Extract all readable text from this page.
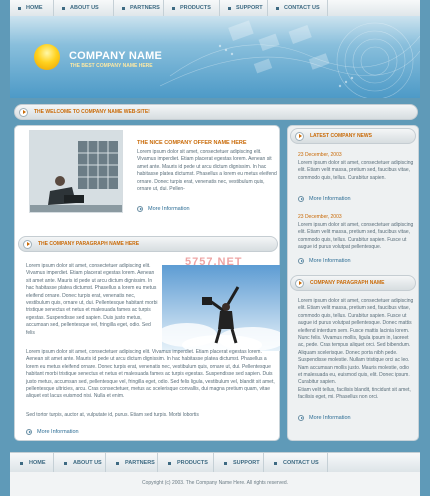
HOME	ABOUT US	PARTNERS	PRODUCTS	SUPPORT	CONTACT US
COMPANY NAME
THE BEST COMPANY NAME HERE
THE WELCOME TO COMPANY NAME WEB-SITE!
THE NICE COMPANY OFFER NAME HERE
Lorem ipsum dolor sit amet, consectetuer adipiscing elit. Vivamus imperdiet. Etiam placerat egestas lorem. Aenean sit amet ante. Mauris id pede ut arcu dictum dignissim. In hac habitasse platea dictumst. Phasellus a lorem eu metus eleifend ornare. Donec turpis erat, venenatis nec, vestibulum quis, ornare ut, dui. Pellen-
More Information
THE COMPANY PARAGRAPH NAME HERE
Lorem ipsum dolor sit amet, consectetuer adipiscing elit. Vivamus imperdiet. Etiam placerat egestas lorem. Aenean sit amet ante. Mauris id pede ut arcu dictum dignissim. In hac habitasse platea dictumst. Phasellus a lorem eu metus eleifend ornare. Donec turpis erat, venenatis nec, vestibulum quis, ornare ut, dui. Pellentesque habitant morbi tristique senectus et netus et malesuada fames ac turpis egestas. Suspendisse sed sapien. Duis justo metus, accumsan sed, pellentesque vel, fringilla eget, odio. Sed felis
Lorem ipsum dolor sit amet, consectetuer adipiscing elit. Vivamus imperdiet. Etiam placerat egestas lorem. Aenean sit amet ante. Mauris id pede ut arcu dictum dignissim. In hac habitasse platea dictumst. Phasellus a lorem eu metus eleifend ornare. Donec turpis erat, venenatis nec, vestibulum quis, ornare ut, dui. Pellentesque habitant morbi tristique senectus et netus et malesuada fames ac turpis egestas. Suspendisse sed sapien. Duis justo metus, accumsan sed, pellentesque vel, fringilla eget, odio. Sed felis ligula, vestibulum vel, blandit sit amet, pellentesque ultricies, arcu. Cras consectetuer, metus ac scelerisque convallis, dui magna pretium quam, vitae aliquet est lacus euismod nisi. Nulla et enim.
Sed tortor turpis, auctor at, vulputate id, purus. Etiam sed turpis. Morbi lobortis
More Information
5757.NET
LATEST COMPANY NEWS
23 December, 2003
Lorem ipsum dolor sit amet, consectetuer adipiscing elit. Etiam velit massa, pretium sed, faucibus vitae, commodo quis, tellus. Curabitur sapien.
More Information
23 December, 2003
Lorem ipsum dolor sit amet, consectetuer adipiscing elit. Etiam velit massa, pretium sed, faucibus vitae, commodo quis, tellus. Curabitur sapien. Fusce ut augue id purus volutpat pellentesque.
More Information
COMPANY PARAGRAPH NAME
Lorem ipsum dolor sit amet, consectetuer adipiscing elit. Etiam velit massa, pretium sed, faucibus vitae, commodo quis, tellus. Curabitur sapien. Fusce ut augue id purus volutpat pellentesque. Donec mattis eleifend interdum sem. Fusce mattis lacinia lorem. Nunc felis. Vivamus mollis, ligula ipsum in, laoreet ac, pede. Cras tempus aliquet orci. Sed bibendum. Aliquam scelerisque. Donec porta nibh pede. Suspendisse molestie. Nullam tristique orci ac leo. Nam accumsan mollis justo. Mauris molestie, odio et malesuada eu, euismod quis, elit. Donec ipsum. Curabitur sapien.
Etiam velit tellus, facilisis blandit, tincidunt sit amet, facilisis eget, mi. Phasellus non orci.
More Information
HOME	ABOUT US	PARTNERS	PRODUCTS	SUPPORT	CONTACT US
Copyright (c) 2003. The Company Name Here. All rights reserved.
